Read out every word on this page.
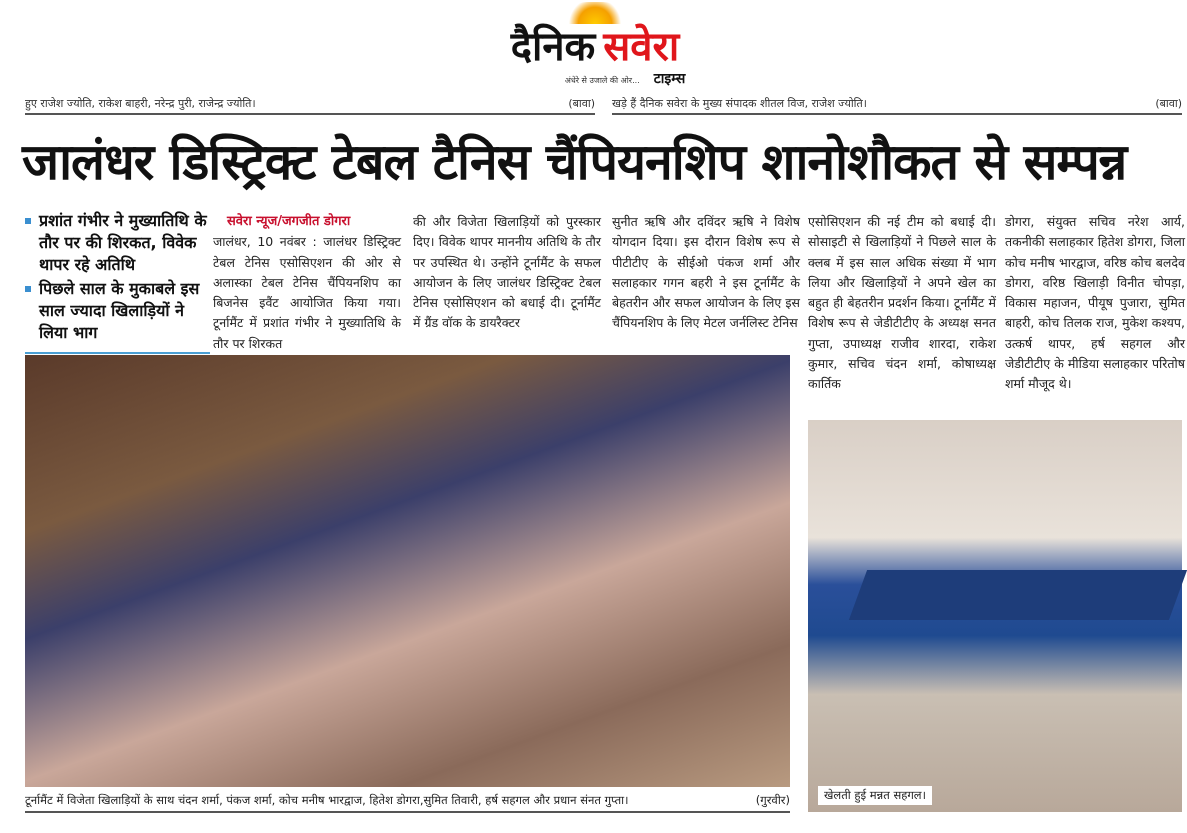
दैनिक सवेरा
अंधेरे से उजाले की ओर... टाइम्स
हुए राजेश ज्योति, राकेश बाहरी, नरेन्द्र पुरी, राजेन्द्र ज्योति।	(बावा) खड़े हैं दैनिक सवेरा के मुख्य संपादक शीतल विज, राजेश ज्योति।	(बावा)
जालंधर डिस्ट्रिक्ट टेबल टैनिस चैंपियनशिप शानोशौकत से सम्पन्न
प्रशांत गंभीर ने मुख्यातिथि के तौर पर की शिरकत, विवेक थापर रहे अतिथि
पिछले साल के मुकाबले इस साल ज्यादा खिलाड़ियों ने लिया भाग
सवेरा न्यूज/जगजीत डोगरा
जालंधर, 10 नवंबर : जालंधर डिस्ट्रिक्ट टेबल टेनिस एसोसिएशन की ओर से अलास्का टेबल टेनिस चैंपियनशिप का बिजनेस इवैंट आयोजित किया गया। टूर्नामैंट में प्रशांत गंभीर ने मुख्यातिथि के तौर पर शिरकत
की और विजेता खिलाड़ियों को पुरस्कार दिए। विवेक थापर माननीय अतिथि के तौर पर उपस्थित थे। उन्होंने टूर्नामैंट के सफल आयोजन के लिए जालंधर डिस्ट्रिक्ट टेबल टेनिस एसोसिएशन को बधाई दी। टूर्नामैंट में ग्रैंड वॉक के डायरैक्टर
सुनीत ऋषि और दविंदर ऋषि ने विशेष योगदान दिया। इस दौरान विशेष रूप से पीटीटीए के सीईओ पंकज शर्मा और सलाहकार गगन बहरी ने इस टूर्नामैंट के बेहतरीन और सफल आयोजन के लिए इस चैंपियनशिप के लिए मेटल जर्नलिस्ट टेनिस
एसोसिएशन की नई टीम को बधाई दी। सोसाइटी से खिलाड़ियों ने पिछले साल के क्लब में इस साल अधिक संख्या में भाग लिया और खिलाड़ियों ने अपने खेल का बहुत ही बेहतरीन प्रदर्शन किया। टूर्नामैंट में विशेष रूप से जेडीटीटीए के अध्यक्ष सनत गुप्ता, उपाध्यक्ष राजीव शारदा, राकेश कुमार, सचिव चंदन शर्मा, कोषाध्यक्ष कार्तिक
डोगरा, संयुक्त सचिव नरेश आर्य, तकनीकी सलाहकार हितेश डोगरा, जिला कोच मनीष भारद्वाज, वरिष्ठ कोच बलदेव डोगरा, वरिष्ठ खिलाड़ी विनीत चोपड़ा, विकास महाजन, पीयूष पुजारा, सुमित बाहरी, कोच तिलक राज, मुकेश कश्यप, उत्कर्ष थापर, हर्ष सहगल और जेडीटीटीए के मीडिया सलाहकार परितोष शर्मा मौजूद थे।
टूर्नामैंट में विजेता खिलाड़ियों के साथ चंदन शर्मा, पंकज शर्मा, कोच मनीष भारद्वाज, हितेश डोगरा,सुमित तिवारी, हर्ष सहगल और प्रधान संनत गुप्ता।	(गुरवीर)	खेलती हुई मन्नत सहगल।
